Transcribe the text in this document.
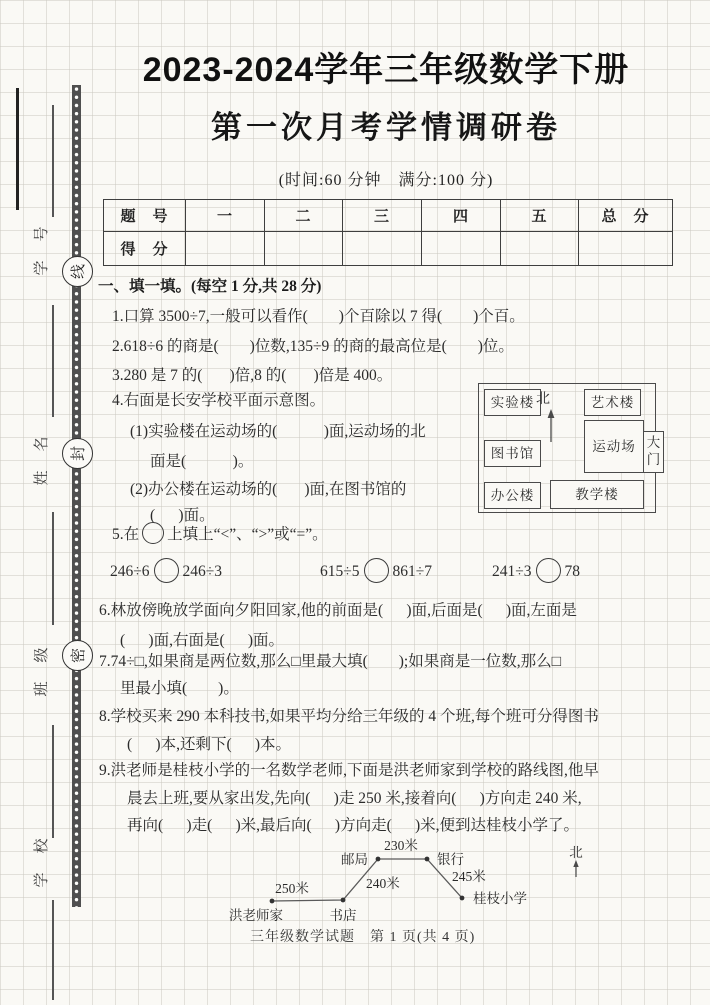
学　号
姓　名
班　级
学　校
线
封
密
2023-2024学年三年级数学下册
第一次月考学情调研卷
(时间:60 分钟　满分:100 分)
题　号	一	二	三	四	五	总　分
得　分						
一、填一填。(每空 1 分,共 28 分)
1.口算 3500÷7,一般可以看作(        )个百除以 7 得(        )个百。
2.618÷6 的商是(        )位数,135÷9 的商的最高位是(        )位。
3.280 是 7 的(       )倍,8 的(       )倍是 400。
4.右面是长安学校平面示意图。
(1)实验楼在运动场的(            )面,运动场的北
面是(            )。
(2)办公楼在运动场的(       )面,在图书馆的
(      )面。
实验楼 北	艺术楼
图书馆	运动场 大门
办公楼	教学楼
5.在 上填上“<”、“>”或“=”。
246÷6 246÷3	615÷5 861÷7	241÷3 78
6.林放傍晚放学面向夕阳回家,他的前面是(      )面,后面是(      )面,左面是
(      )面,右面是(      )面。
7.74÷□,如果商是两位数,那么□里最大填(        );如果商是一位数,那么□
里最小填(        )。
8.学校买来 290 本科技书,如果平均分给三年级的 4 个班,每个班可分得图书
(      )本,还剩下(      )本。
9.洪老师是桂枝小学的一名数学老师,下面是洪老师家到学校的路线图,他早
晨去上班,要从家出发,先向(      )走 250 米,接着向(      )方向走 240 米,
再向(      )走(      )米,最后向(      )方向走(      )米,便到达桂枝小学了。
洪老师家	书店
250米
邮局
240米
230米
银行
245米
桂枝小学
北
三年级数学试题　第 1 页(共 4 页)
